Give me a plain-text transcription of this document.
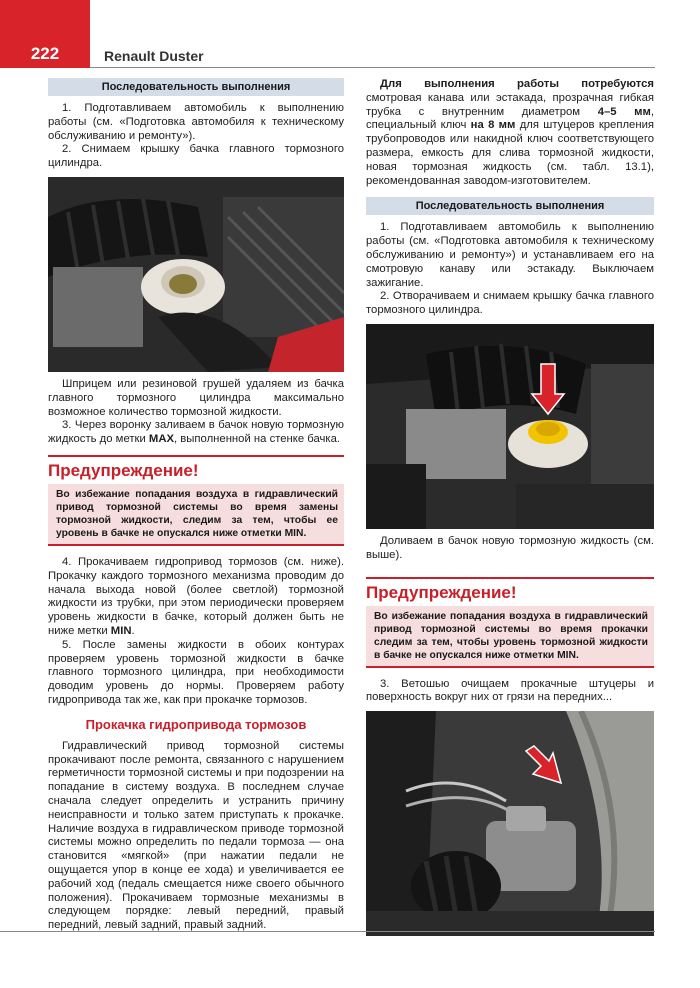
222	Renault Duster
Последовательность выполнения

1. Подготавливаем автомобиль к выполнению работы (см. «Подготовка автомобиля к техническому обслуживанию и ремонту»).

2. Снимаем крышку бачка главного тормозного цилиндра.

Шприцем или резиновой грушей удаляем из бачка главного тормозного цилиндра максимально возможное количество тормозной жидкости.

3. Через воронку заливаем в бачок новую тормозную жидкость до метки MAX, выполненной на стенке бачка.

Предупреждение!
Во избежание попадания воздуха в гидравлический привод тормозной системы во время замены тормозной жидкости, следим за тем, чтобы ее уровень в бачке не опускался ниже отметки MIN.

4. Прокачиваем гидропривод тормозов (см. ниже). Прокачку каждого тормозного механизма проводим до начала выхода новой (более светлой) тормозной жидкости из трубки, при этом периодически проверяем уровень жидкости в бачке, который должен быть не ниже метки MIN.

5. После замены жидкости в обоих контурах проверяем уровень тормозной жидкости в бачке главного тормозного цилиндра, при необходимости доводим уровень до нормы. Проверяем работу гидропривода так же, как при прокачке тормозов.

Прокачка гидропривода тормозов

Гидравлический привод тормозной системы прокачивают после ремонта, связанного с нарушением герметичности тормозной системы и при подозрении на попадание в систему воздуха. В последнем случае сначала следует определить и устранить причину неисправности и только затем приступать к прокачке. Наличие воздуха в гидравлическом приводе тормозной системы можно определить по педали тормоза — она становится «мягкой» (при нажатии педали не ощущается упор в конце ее хода) и увеличивается ее рабочий ход (педаль смещается ниже своего обычного положения). Прокачиваем тормозные механизмы в следующем порядке: левый передний, правый передний, левый задний, правый задний.

Для выполнения работы потребуются смотровая канава или эстакада, прозрачная гибкая трубка с внутренним диаметром 4–5 мм, специальный ключ на 8 мм для штуцеров крепления трубопроводов или накидной ключ соответствующего размера, емкость для слива тормозной жидкости, новая тормозная жидкость (см. табл. 13.1), рекомендованная заводом-изготовителем.

Последовательность выполнения

1. Подготавливаем автомобиль к выполнению работы (см. «Подготовка автомобиля к техническому обслуживанию и ремонту») и устанавливаем его на смотровую канаву или эстакаду. Выключаем зажигание.

2. Отворачиваем и снимаем крышку бачка главного тормозного цилиндра.

Доливаем в бачок новую тормозную жидкость (см. выше).

Предупреждение!
Во избежание попадания воздуха в гидравлический привод тормозной системы во время прокачки следим за тем, чтобы уровень тормозной жидкости в бачке не опускался ниже отметки MIN.

3. Ветошью очищаем прокачные штуцеры и поверхность вокруг них от грязи на передних...
